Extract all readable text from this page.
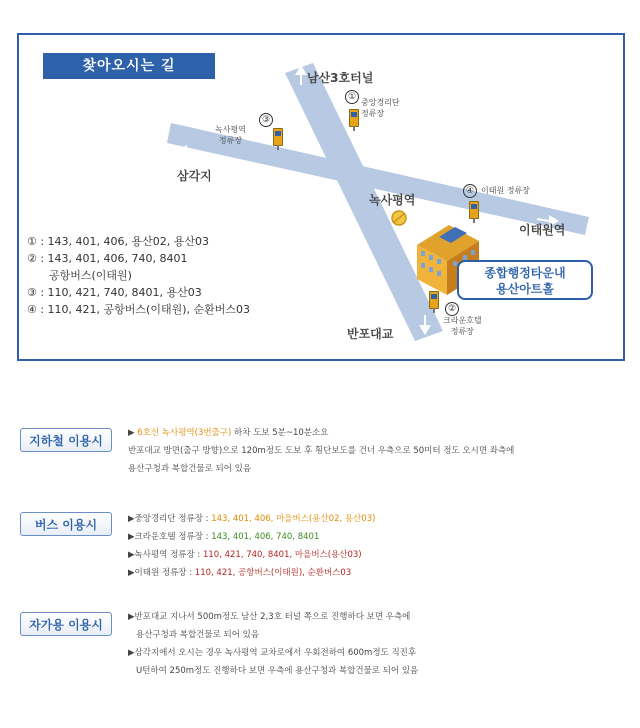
찾아오시는 길
남산3호터널
삼각지
녹사평역
이태원역
반포대교
①
중앙경리단
정류장
③
녹사평역
정류장
④ 이태원 정류장
②
크라운호텔
정류장
종합행정타운내
용산아트홀
① : 143, 401, 406, 용산02, 용산03
② : 143, 401, 406, 740, 8401
공항버스(이태원)
③ : 110, 421, 740, 8401, 용산03
④ : 110, 421, 공항버스(이태원), 순환버스03
지하철 이용시
▶ 6호선 녹사평역(3번출구) 하차 도보 5분~10분소요
반포대교 방면(출구 방향)으로 120m정도 도보 후 횡단보도를 건너 우측으로 50미터 정도 오시면 좌측에
용산구청과 복합건물로 되어 있음
버스 이용시	▶중앙경리단 정류장 : 143, 401, 406, 마을버스(용산02, 용산03)
▶크라운호텔 정류장 : 143, 401, 406, 740, 8401
▶녹사평역 정류장 : 110, 421, 740, 8401, 마을버스(용산03)
▶이태원 정류장 : 110, 421, 공항버스(이태원), 순환버스03
자가용 이용시
▶반포대교 지나서 500m정도 남산 2,3호 터널 쪽으로 진행하다 보면 우측에
용산구청과 복합건물로 되어 있음
▶삼각지에서 오시는 경우 녹사평역 교차로에서 우회전하여 600m정도 직진후
U턴하여 250m정도 진행하다 보면 우측에 용산구청과 복합건물로 되어 있음
